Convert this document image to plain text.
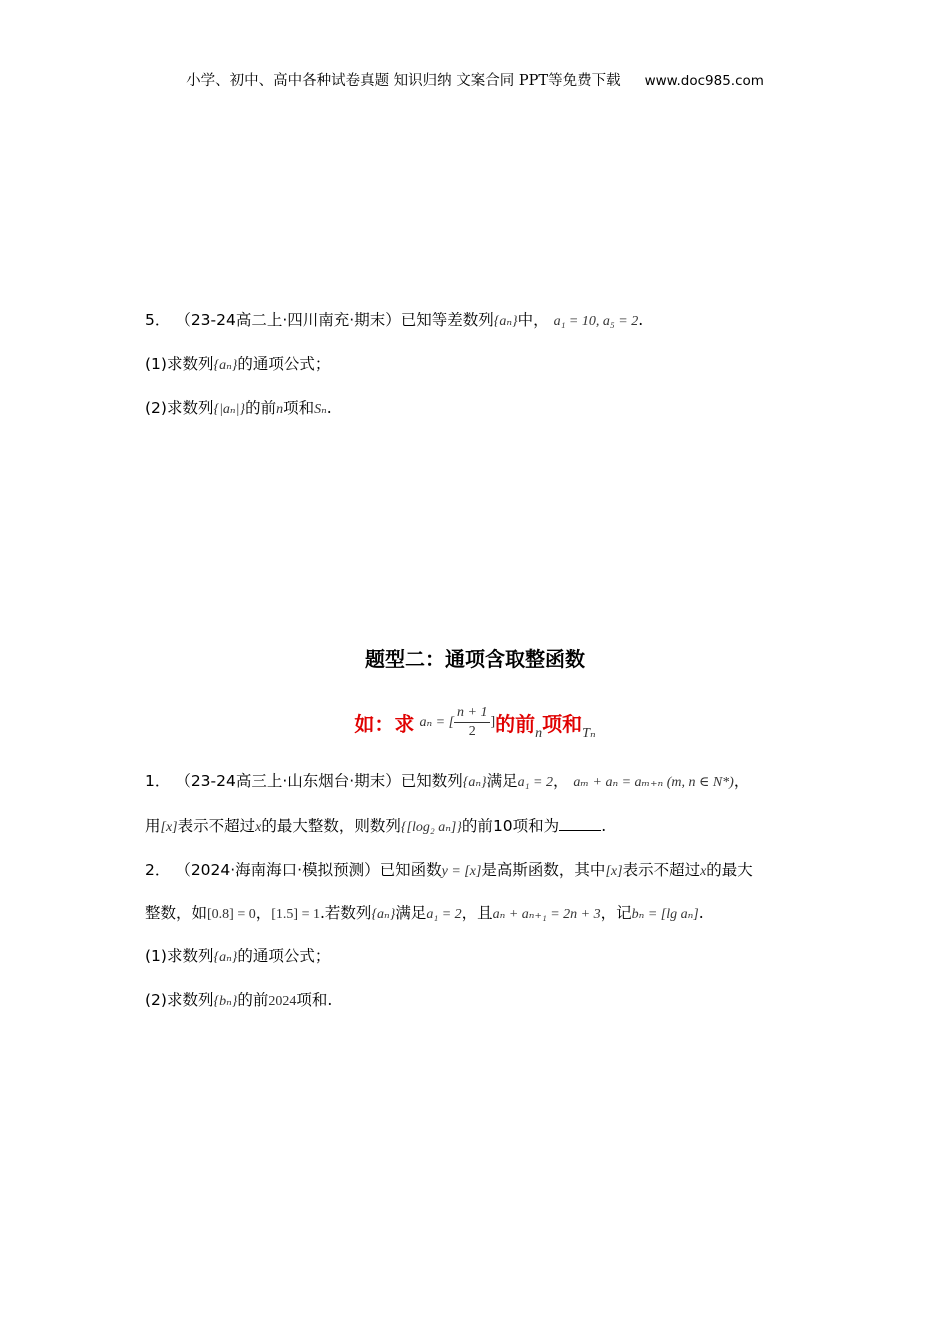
小学、初中、高中各种试卷真题 知识归纳 文案合同 PPT等免费下载 www.doc985.com
5． （23-24高二上·四川南充·期末）已知等差数列{aₙ}中， a₁ = 10, a₅ = 2.
(1)求数列{aₙ}的通项公式；
(2)求数列{|aₙ|}的前n项和Sₙ.
题型二：通项含取整函数
如：求 aₙ = [ $\frac{n + 1}{2}$ ]的前n项和Tₙ
1． （23-24高三上·山东烟台·期末）已知数列{aₙ}满足a₁ = 2， aₘ + aₙ = aₘ₊ₙ (m, n ∈ N*)，
用[x]表示不超过x的最大整数，则数列{[log₂ aₙ]}的前10项和为	.
2． （2024·海南海口·模拟预测）已知函数y = [x]是高斯函数，其中[x]表示不超过x的最大
整数，如[0.8] = 0，[1.5] = 1.若数列{aₙ}满足a₁ = 2，且aₙ + aₙ₊₁ = 2n + 3，记bₙ = [lg aₙ].
(1)求数列{aₙ}的通项公式；
(2)求数列{bₙ}的前2024项和.
